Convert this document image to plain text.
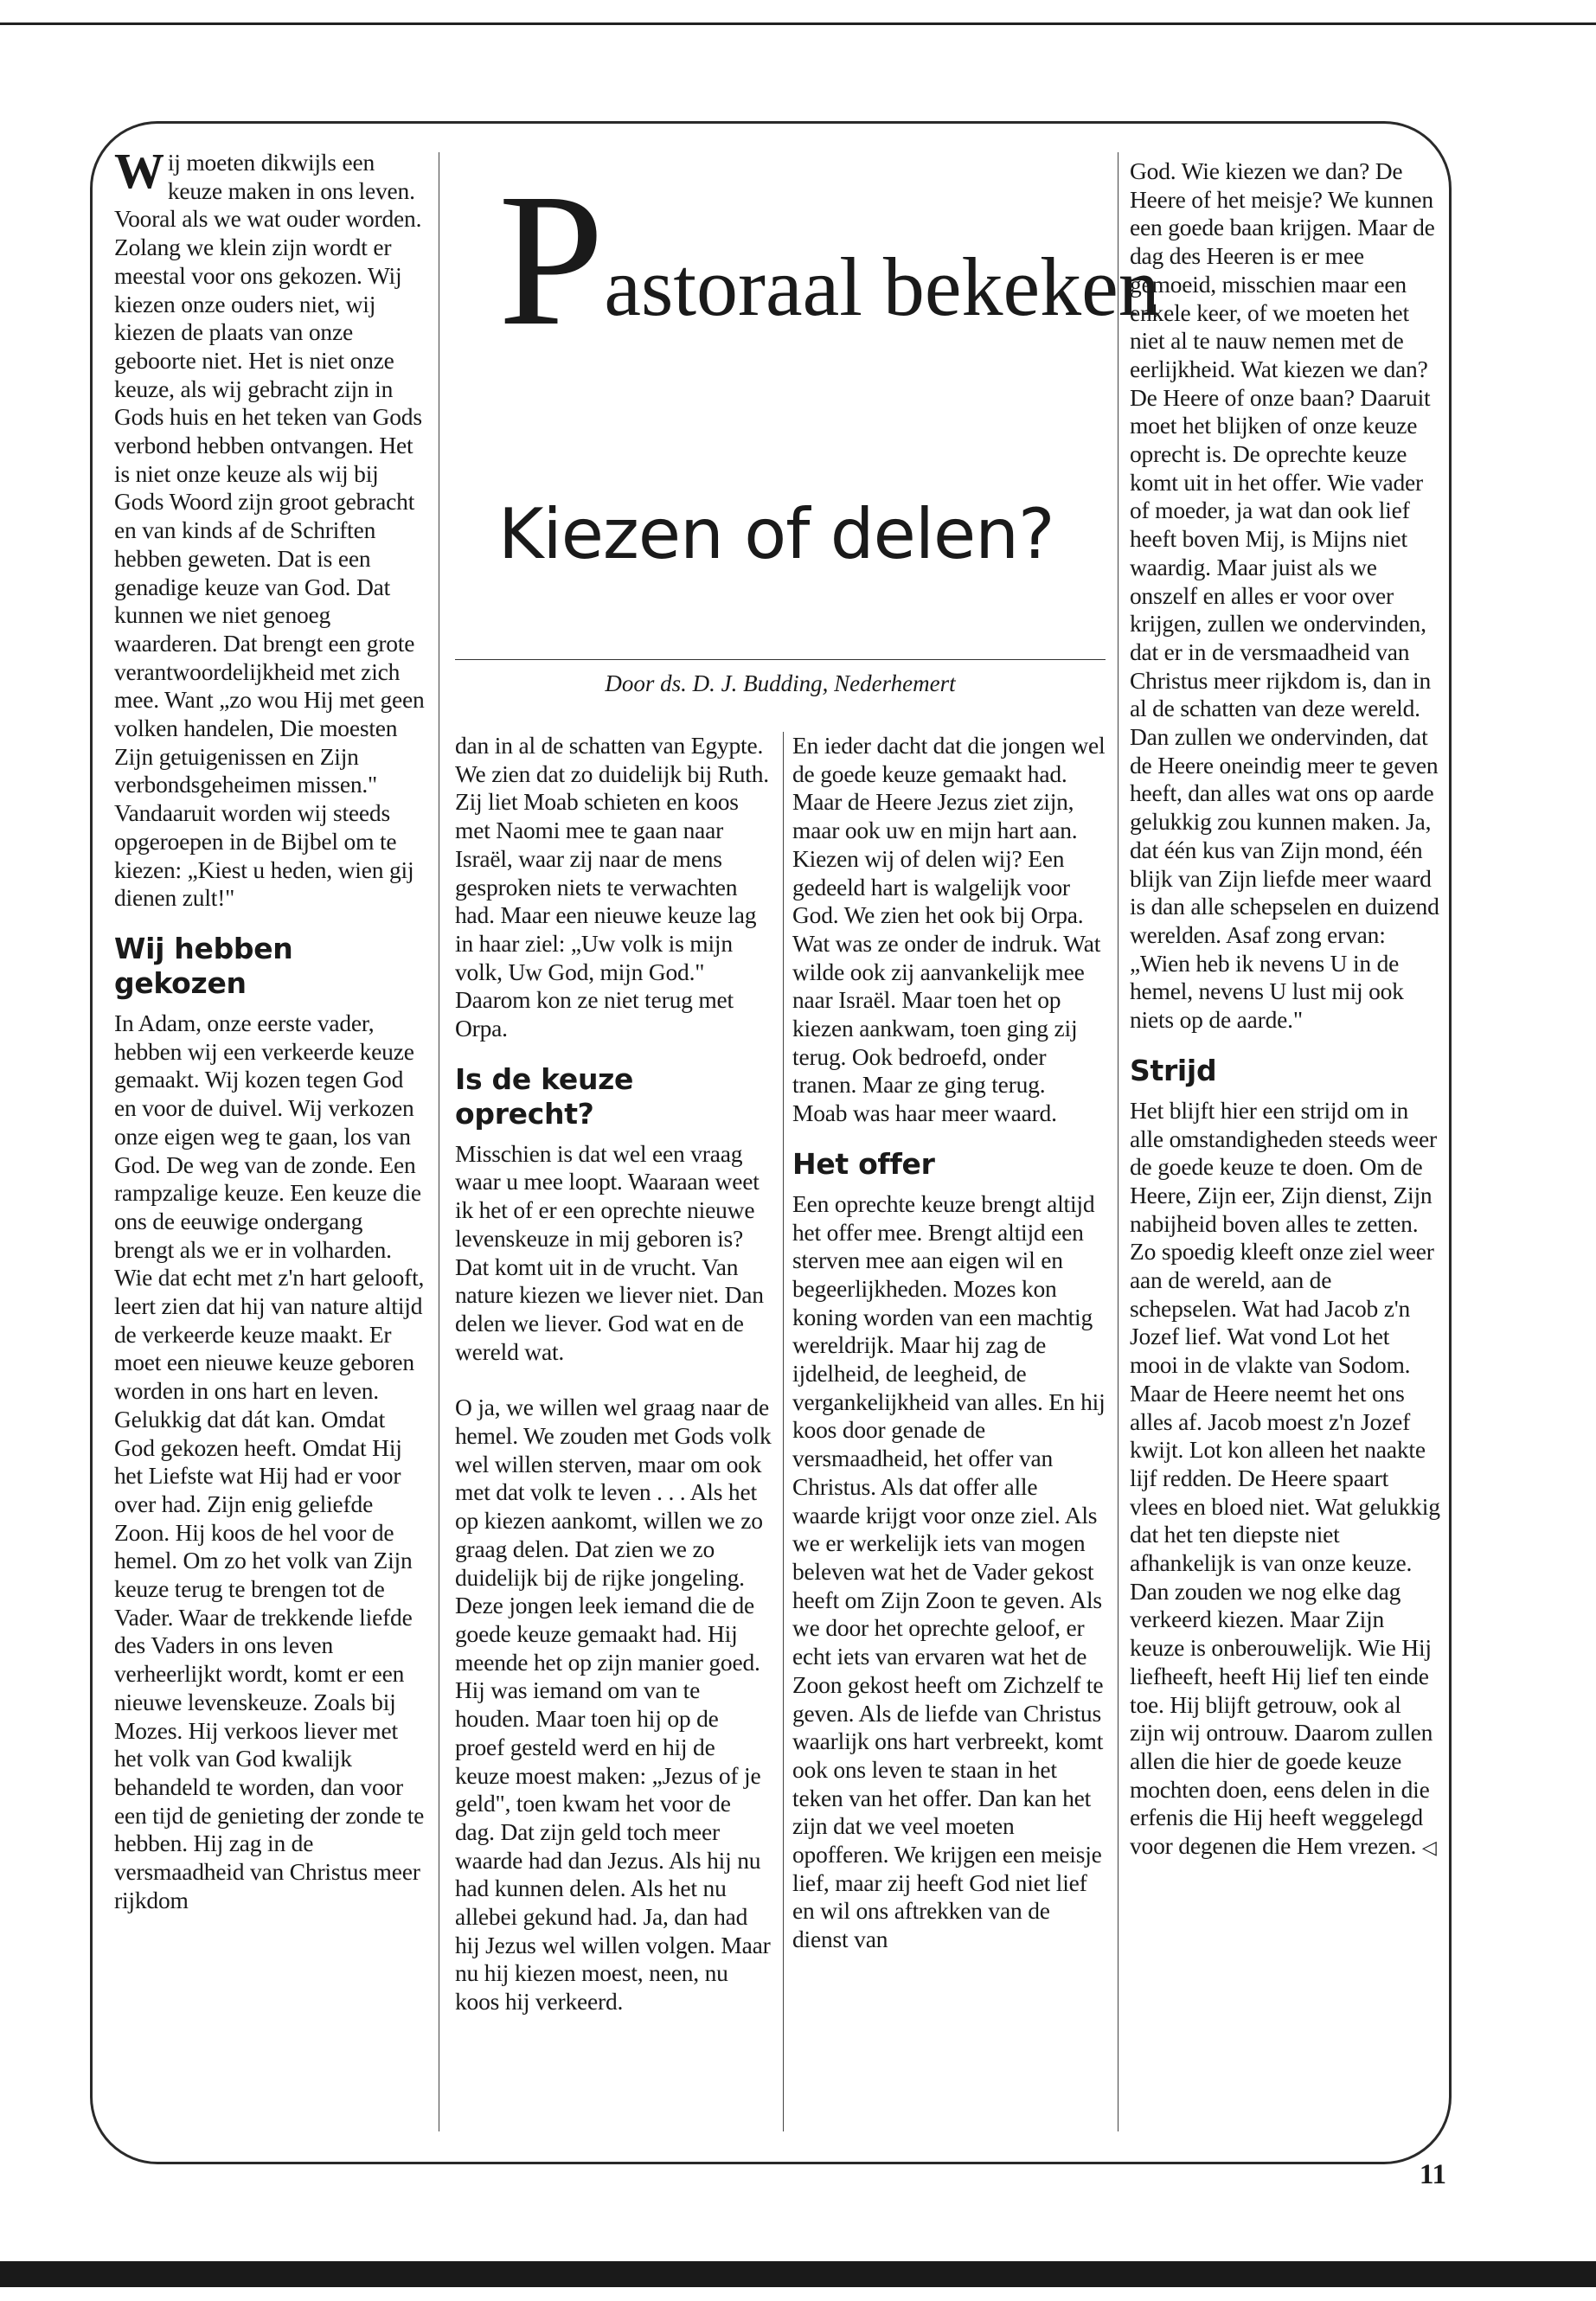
Wij moeten dikwijls een keuze maken in ons leven. Vooral als we wat ouder worden. Zolang we klein zijn wordt er meestal voor ons gekozen. Wij kiezen onze ouders niet, wij kiezen de plaats van onze geboorte niet. Het is niet onze keuze, als wij gebracht zijn in Gods huis en het teken van Gods verbond hebben ontvangen. Het is niet onze keuze als wij bij Gods Woord zijn groot gebracht en van kinds af de Schriften hebben geweten. Dat is een genadige keuze van God. Dat kunnen we niet genoeg waarderen. Dat brengt een grote verantwoordelijkheid met zich mee. Want „zo wou Hij met geen volken handelen, Die moesten Zijn getuigenissen en Zijn verbondsgeheimen missen." Vandaaruit worden wij steeds opgeroepen in de Bijbel om te kiezen: „Kiest u heden, wien gij dienen zult!"

Wij hebben gekozen

In Adam, onze eerste vader, hebben wij een verkeerde keuze gemaakt. Wij kozen tegen God en voor de duivel. Wij verkozen onze eigen weg te gaan, los van God. De weg van de zonde. Een rampzalige keuze. Een keuze die ons de eeuwige ondergang brengt als we er in volharden. Wie dat echt met z'n hart gelooft, leert zien dat hij van nature altijd de verkeerde keuze maakt. Er moet een nieuwe keuze geboren worden in ons hart en leven. Gelukkig dat dát kan. Omdat God gekozen heeft. Omdat Hij het Liefste wat Hij had er voor over had. Zijn enig geliefde Zoon. Hij koos de hel voor de hemel. Om zo het volk van Zijn keuze terug te brengen tot de Vader. Waar de trekkende liefde des Vaders in ons leven verheerlijkt wordt, komt er een nieuwe levenskeuze. Zoals bij Mozes. Hij verkoos liever met het volk van God kwalijk behandeld te worden, dan voor een tijd de genieting der zonde te hebben. Hij zag in de versmaadheid van Christus meer rijkdom

Pastoraal bekeken
Kiezen of delen?
Door ds. D. J. Budding, Nederhemert

dan in al de schatten van Egypte. We zien dat zo duidelijk bij Ruth. Zij liet Moab schieten en koos met Naomi mee te gaan naar Israël, waar zij naar de mens gesproken niets te verwachten had. Maar een nieuwe keuze lag in haar ziel: „Uw volk is mijn volk, Uw God, mijn God." Daarom kon ze niet terug met Orpa.

Is de keuze oprecht?

Misschien is dat wel een vraag waar u mee loopt. Waaraan weet ik het of er een oprechte nieuwe levenskeuze in mij geboren is? Dat komt uit in de vrucht. Van nature kiezen we liever niet. Dan delen we liever. God wat en de wereld wat.

O ja, we willen wel graag naar de hemel. We zouden met Gods volk wel willen sterven, maar om ook met dat volk te leven . . . Als het op kiezen aankomt, willen we zo graag delen. Dat zien we zo duidelijk bij de rijke jongeling. Deze jongen leek iemand die de goede keuze gemaakt had. Hij meende het op zijn manier goed. Hij was iemand om van te houden. Maar toen hij op de proef gesteld werd en hij de keuze moest maken: „Jezus of je geld", toen kwam het voor de dag. Dat zijn geld toch meer waarde had dan Jezus. Als hij nu had kunnen delen. Als het nu allebei gekund had. Ja, dan had hij Jezus wel willen volgen. Maar nu hij kiezen moest, neen, nu koos hij verkeerd.

En ieder dacht dat die jongen wel de goede keuze gemaakt had. Maar de Heere Jezus ziet zijn, maar ook uw en mijn hart aan. Kiezen wij of delen wij? Een gedeeld hart is walgelijk voor God. We zien het ook bij Orpa. Wat was ze onder de indruk. Wat wilde ook zij aanvankelijk mee naar Israël. Maar toen het op kiezen aankwam, toen ging zij terug. Ook bedroefd, onder tranen. Maar ze ging terug. Moab was haar meer waard.

Het offer

Een oprechte keuze brengt altijd het offer mee. Brengt altijd een sterven mee aan eigen wil en begeerlijkheden. Mozes kon koning worden van een machtig wereldrijk. Maar hij zag de ijdelheid, de leegheid, de vergankelijkheid van alles. En hij koos door genade de versmaadheid, het offer van Christus. Als dat offer alle waarde krijgt voor onze ziel. Als we er werkelijk iets van mogen beleven wat het de Vader gekost heeft om Zijn Zoon te geven. Als we door het oprechte geloof, er echt iets van ervaren wat het de Zoon gekost heeft om Zichzelf te geven. Als de liefde van Christus waarlijk ons hart verbreekt, komt ook ons leven te staan in het teken van het offer. Dan kan het zijn dat we veel moeten opofferen. We krijgen een meisje lief, maar zij heeft God niet lief en wil ons aftrekken van de dienst van

God. Wie kiezen we dan? De Heere of het meisje? We kunnen een goede baan krijgen. Maar de dag des Heeren is er mee gemoeid, misschien maar een enkele keer, of we moeten het niet al te nauw nemen met de eerlijkheid. Wat kiezen we dan? De Heere of onze baan? Daaruit moet het blijken of onze keuze oprecht is. De oprechte keuze komt uit in het offer. Wie vader of moeder, ja wat dan ook lief heeft boven Mij, is Mijns niet waardig. Maar juist als we onszelf en alles er voor over krijgen, zullen we ondervinden, dat er in de versmaadheid van Christus meer rijkdom is, dan in al de schatten van deze wereld. Dan zullen we ondervinden, dat de Heere oneindig meer te geven heeft, dan alles wat ons op aarde gelukkig zou kunnen maken. Ja, dat één kus van Zijn mond, één blijk van Zijn liefde meer waard is dan alle schepselen en duizend werelden. Asaf zong ervan: „Wien heb ik nevens U in de hemel, nevens U lust mij ook niets op de aarde."

Strijd

Het blijft hier een strijd om in alle omstandigheden steeds weer de goede keuze te doen. Om de Heere, Zijn eer, Zijn dienst, Zijn nabijheid boven alles te zetten. Zo spoedig kleeft onze ziel weer aan de wereld, aan de schepselen. Wat had Jacob z'n Jozef lief. Wat vond Lot het mooi in de vlakte van Sodom. Maar de Heere neemt het ons alles af. Jacob moest z'n Jozef kwijt. Lot kon alleen het naakte lijf redden. De Heere spaart vlees en bloed niet. Wat gelukkig dat het ten diepste niet afhankelijk is van onze keuze. Dan zouden we nog elke dag verkeerd kiezen. Maar Zijn keuze is onberouwelijk. Wie Hij liefheeft, heeft Hij lief ten einde toe. Hij blijft getrouw, ook al zijn wij ontrouw. Daarom zullen allen die hier de goede keuze mochten doen, eens delen in die erfenis die Hij heeft weggelegd voor degenen die Hem vrezen. ◁

11
